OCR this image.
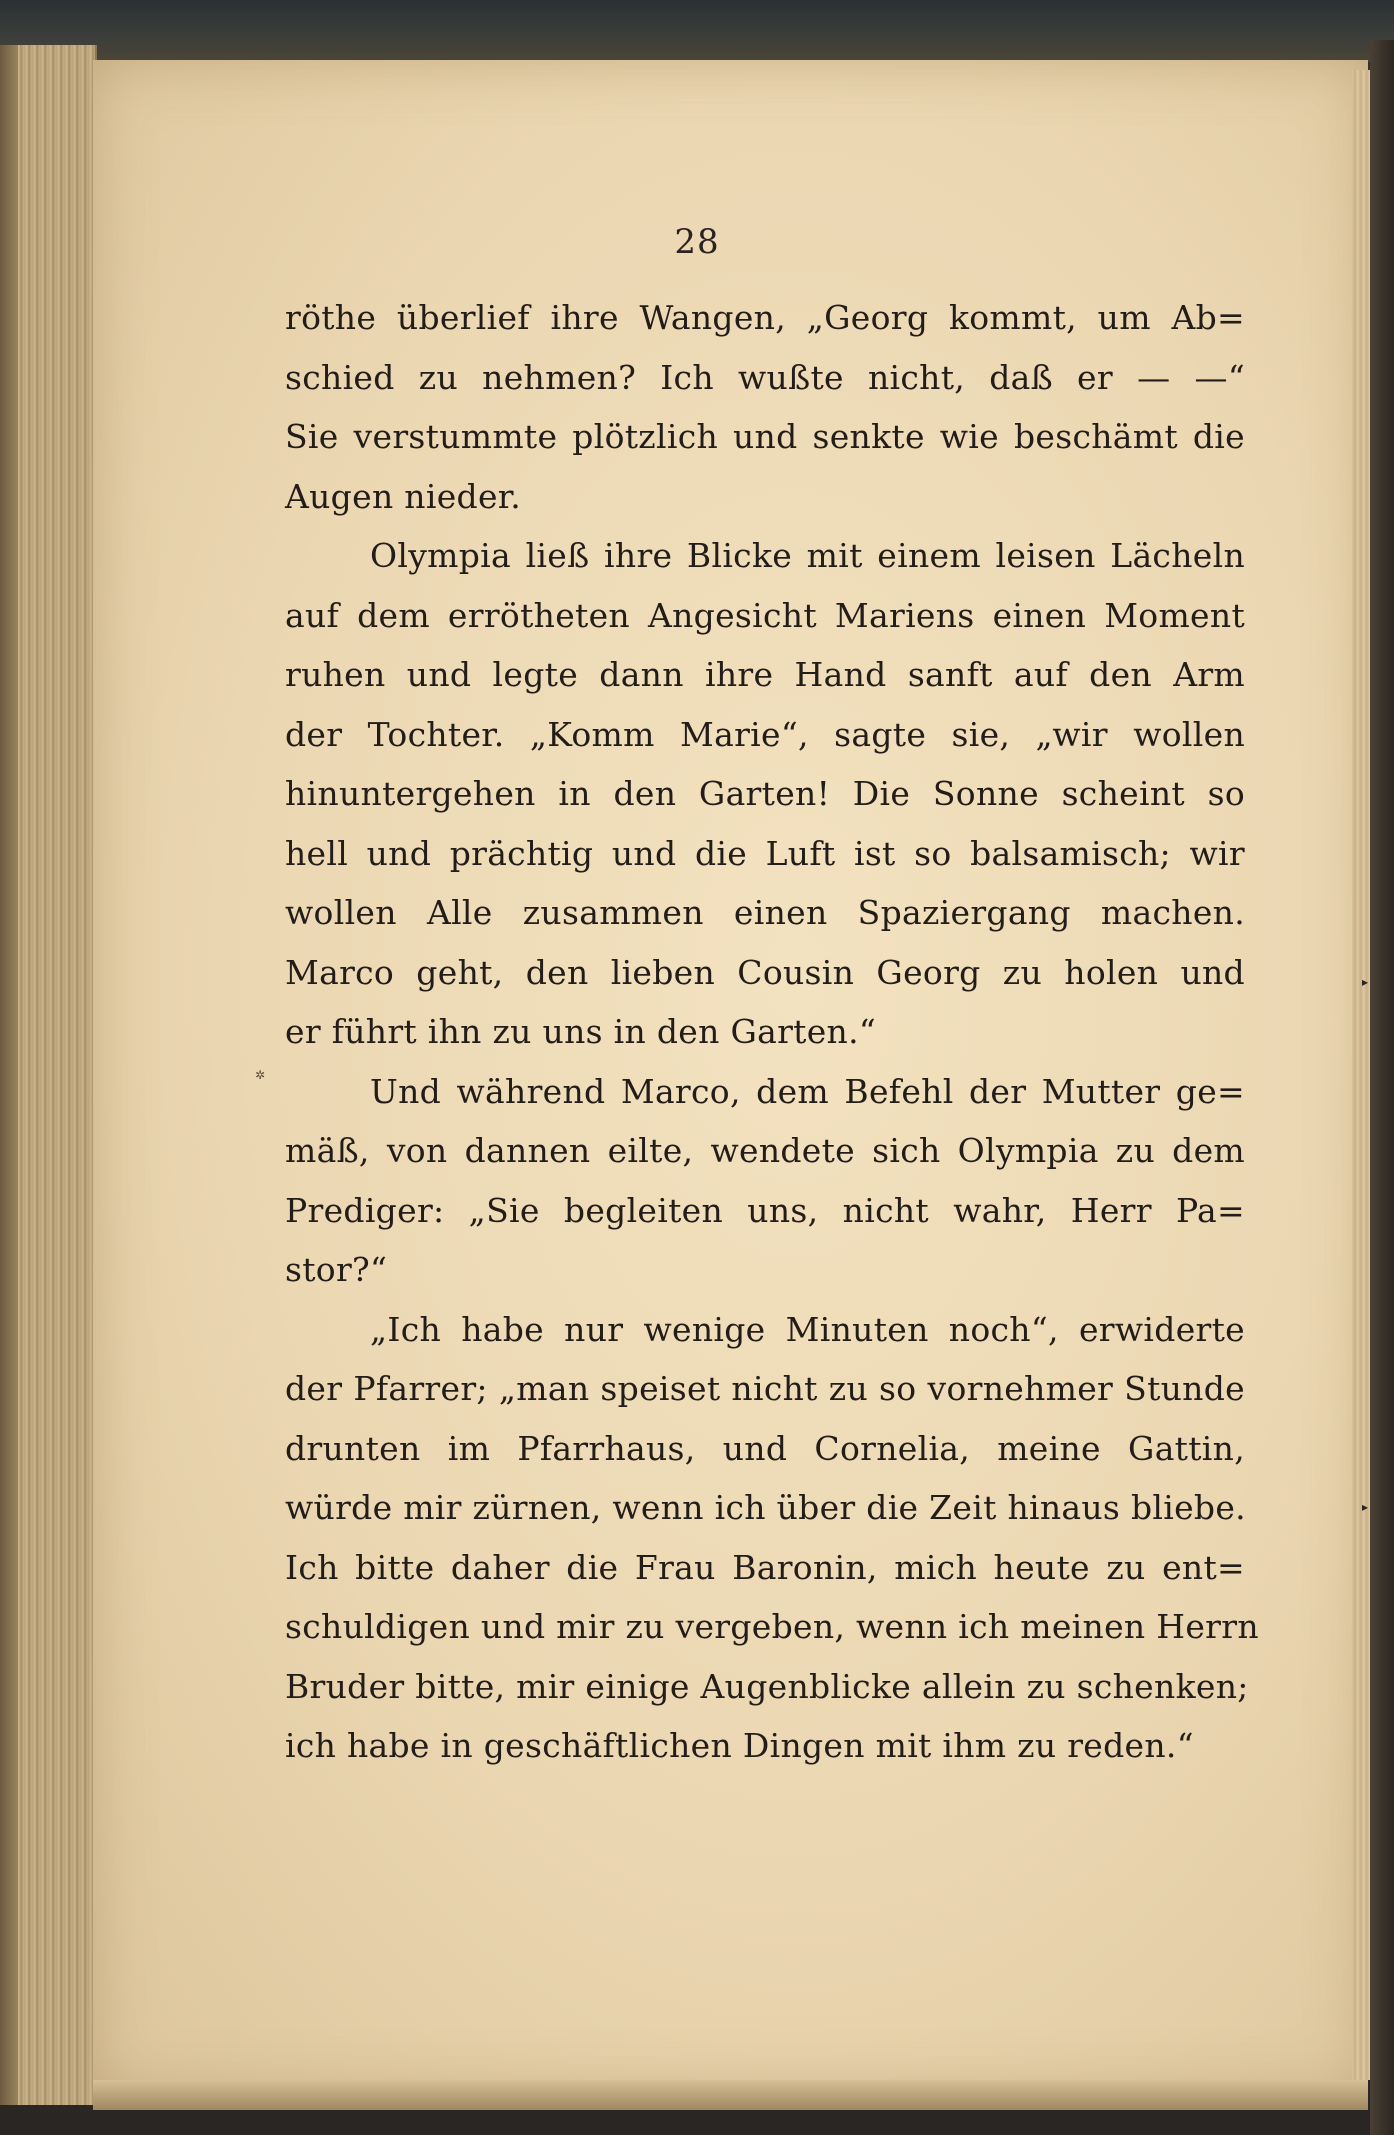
28
röthe überlief ihre Wangen, „Georg kommt, um Ab=
schied zu nehmen? Ich wußte nicht, daß er — —“
Sie verstummte plötzlich und senkte wie beschämt die
Augen nieder.
Olympia ließ ihre Blicke mit einem leisen Lächeln
auf dem errötheten Angesicht Mariens einen Moment
ruhen und legte dann ihre Hand sanft auf den Arm
der Tochter. „Komm Marie“, sagte sie, „wir wollen
hinuntergehen in den Garten! Die Sonne scheint so
hell und prächtig und die Luft ist so balsamisch; wir
wollen Alle zusammen einen Spaziergang machen.
Marco geht, den lieben Cousin Georg zu holen und
er führt ihn zu uns in den Garten.“
Und während Marco, dem Befehl der Mutter ge=
mäß, von dannen eilte, wendete sich Olympia zu dem
Prediger: „Sie begleiten uns, nicht wahr, Herr Pa=
stor?“
„Ich habe nur wenige Minuten noch“, erwiderte
der Pfarrer; „man speiset nicht zu so vornehmer Stunde
drunten im Pfarrhaus, und Cornelia, meine Gattin,
würde mir zürnen, wenn ich über die Zeit hinaus bliebe.
Ich bitte daher die Frau Baronin, mich heute zu ent=
schuldigen und mir zu vergeben, wenn ich meinen Herrn
Bruder bitte, mir einige Augenblicke allein zu schenken;
ich habe in geschäftlichen Dingen mit ihm zu reden.“
▸
▸
✲
